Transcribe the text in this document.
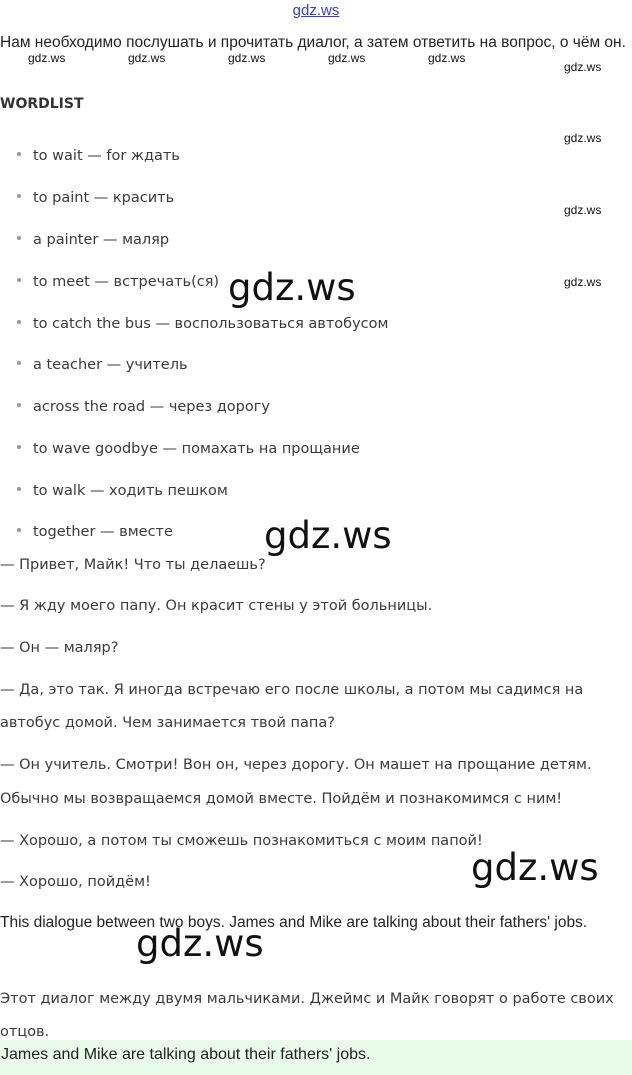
gdz.ws
Нам необходимо послушать и прочитать диалог, а затем ответить на вопрос, о чём он.
gdz.ws	gdz.ws	gdz.ws	gdz.ws	gdz.ws
gdz.ws
gdz.ws
gdz.ws
gdz.ws
WORDLIST
to wait — for ждать
to paint — красить
a painter — маляр
to meet — встречать(ся)
to catch the bus — воспользоваться автобусом
a teacher — учитель
across the road — через дорогу
to wave goodbye — помахать на прощание
to walk — ходить пешком
together — вместе
gdz.ws
gdz.ws
gdz.ws
gdz.ws
— Привет, Майк! Что ты делаешь?
— Я жду моего папу. Он красит стены у этой больницы.
— Он — маляр?
— Да, это так. Я иногда встречаю его после школы, а потом мы садимся на
автобус домой. Чем занимается твой папа?
— Он учитель. Смотри! Вон он, через дорогу. Он машет на прощание детям.
Обычно мы возвращаемся домой вместе. Пойдём и познакомимся с ним!
— Хорошо, а потом ты сможешь познакомиться с моим папой!
— Хорошо, пойдём!
This dialogue between two boys. James and Mike are talking about their fathers' jobs.
Этот диалог между двумя мальчиками. Джеймс и Майк говорят о работе своих отцов.
James and Mike are talking about their fathers' jobs.
